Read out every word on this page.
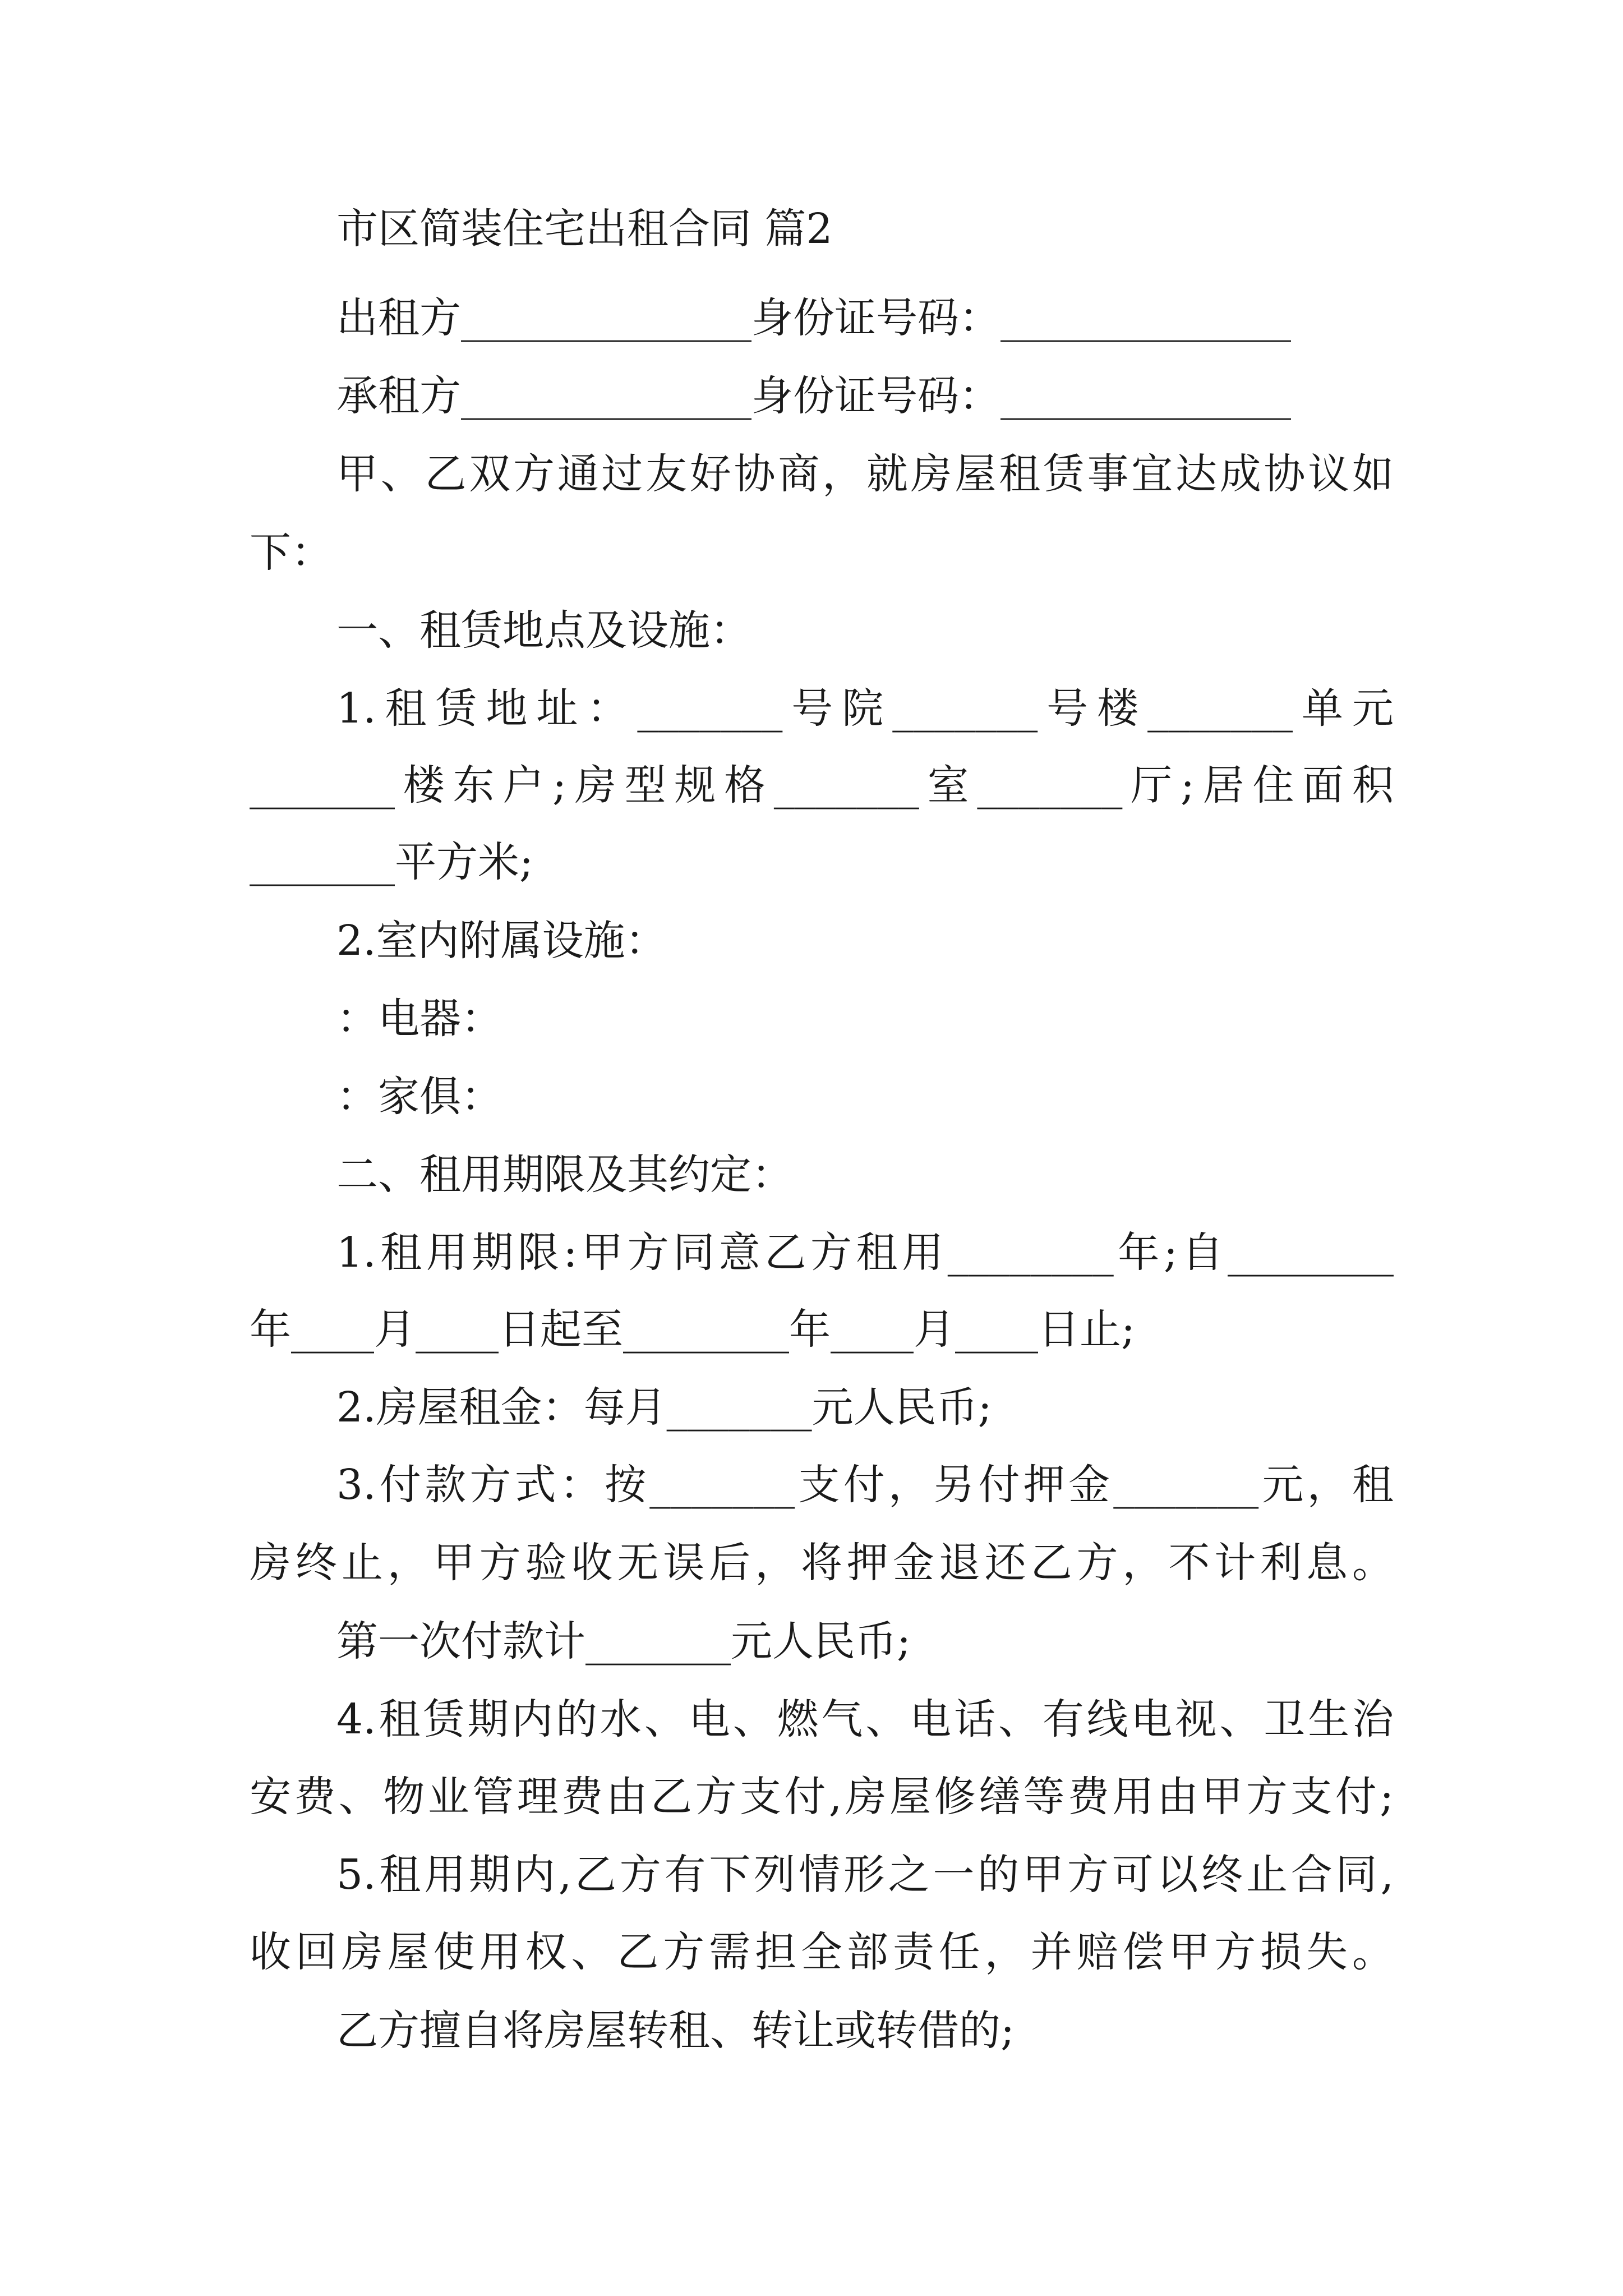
市区简装住宅出租合同 篇2
出租方______________身份证号码：______________
承租方______________身份证号码：______________
甲、乙双方通过友好协商，就房屋租赁事宜达成协议如
下：
一、租赁地点及设施：
1.租赁地址：_______号院_______号楼_______单元
_______楼东户;房型规格_______室_______厅;居住面积
_______平方米;
2.室内附属设施：
：电器：
：家俱：
二、租用期限及其约定：
1.租用期限:甲方同意乙方租用________年;自________
年____月____日起至________年____月____日止;
2.房屋租金：每月_______元人民币;
3.付款方式：按_______支付，另付押金_______元，租
房终止，甲方验收无误后，将押金退还乙方，不计利息。
第一次付款计_______元人民币;
4.租赁期内的水、电、燃气、电话、有线电视、卫生治
安费、物业管理费由乙方支付,房屋修缮等费用由甲方支付;
5.租用期内,乙方有下列情形之一的甲方可以终止合同,
收回房屋使用权、乙方需担全部责任，并赔偿甲方损失。
乙方擅自将房屋转租、转让或转借的;
